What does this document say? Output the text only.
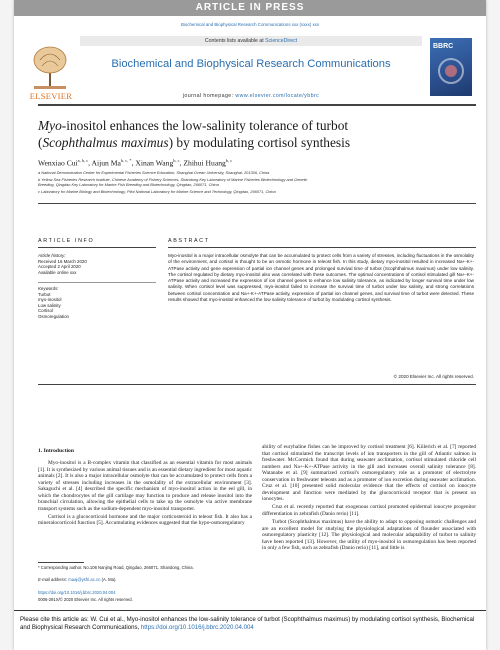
ARTICLE IN PRESS
Biochemical and Biophysical Research Communications xxx (xxxx) xxx
ELSEVIER
Contents lists available at ScienceDirect
Biochemical and Biophysical Research Communications
journal homepage: www.elsevier.com/locate/ybbrc
BBRC
Myo-inositol enhances the low-salinity tolerance of turbot
(Scophthalmus maximus) by modulating cortisol synthesis
Wenxiao Cui$^{a, b, c}$, Aijun $Ma^{b, c, *}$, Xinan Wang$^{b, c}$, Zhihui Huang$^{b, c}$
a National Demonstration Center for Experimental Fisheries Science Education, Shanghai Ocean University, Shanghai, 201306, China
b Yellow Sea Fisheries Research Institute, Chinese Academy of Fishery Sciences, Shandong Key Laboratory of Marine Fisheries Biotechnology and Genetic
Breeding, Qingdao Key Laboratory for Marine Fish Breeding and Biotechnology, Qingdao, 266071, China
c Laboratory for Marine Biology and Biotechnology, Pilot National Laboratory for Marine Science and Technology, Qingdao, 266071, China
ARTICLE INFO	ABSTRACT
Article history:
Received 16 March 2020
Accepted 2 April 2020
Available online xxx
Keywords:
Turbot
myo-inositol
Low salinity
Cortisol
Osmoregulation
Myo-inositol is a major intracellular osmolyte that can be accumulated to protect cells from a variety of stresses, including fluctuations in the osmolality of the environment, and cortisol is thought to be an osmotic hormone in teleost fish. In this study, dietary myo-inositol resulted in increased Na+-K+-ATPase activity and gene expression of partial ion channel genes and prolonged survival time of turbot (Scophthalmus maximus) under low salinity. The cortisol regulated by dietary myo-inositol also was correlated with these outcomes. The optimal concentrations of cortisol stimulated gill Na+-K+-ATPase activity and increased the expression of ion channel genes to enhance low salinity tolerance, as indicated by longer survival time under low salinity. When cortisol level was suppressed, myo-inositol failed to increase the survival time of turbot under low salinity, and strong correlations between cortisol concentration and Na+-K+-ATPase activity, expression of partial ion channel genes, and survival time of turbot were detected. These results showed that myo-inositol enhanced the low salinity tolerance of turbot by modulating cortisol synthesis.
© 2020 Elsevier Inc. All rights reserved.
1. Introduction

Myo-inositol is a B-complex vitamin that classified as an essential vitamin for most animals [1]. It is synthesized by various animal tissues and is an essential dietary ingredient for most aquatic animals [2]. It is also a major intracellular osmolyte that can be accumulated to protect cells from a variety of stresses including increases in the osmolality of the extracellular environment [3]. Sakaguchi et al. [4] described the specific mechanism of myo-inositol action in the eel gill, in which the chondrocytes of the gill cartilage may function to produce and release inositol into the branchial circulation, allowing the epithelial cells to take up the osmolyte via active membrane transport systems such as the sodium-dependent myo-inositol transporter.

Cortisol is a glucocorticoid hormone and the major corticosteroid in teleost fish. It also has a mineralocorticoid function [5]. Accumulating evidences suggested that the hypo-osmoregulatory

* Corresponding author. No.106 Nanjing Road, Qingdao, 266071, Shandong, China.
E-mail address: maaj@ysfri.ac.cn (A. Ma).
https://doi.org/10.1016/j.bbrc.2020.04.004
0006-291X/© 2020 Elsevier Inc. All rights reserved.

ability of euryhaline fishes can be improved by cortisol treatment [6]. Kiilerich et al. [7] reported that cortisol stimulated the transcript levels of ion transporters in the gill of Atlantic salmon in freshwater. McCormick found that during seawater acclimation, cortisol stimulated chloride cell numbers and Na+-K+-ATPase activity in the gill and increases overall salinity tolerance [8]. Watanabe et al. [9] summarized cortisol's osmoregulatory role as a promoter of electrolyte conservation in freshwater teleosts and as a promoter of ion excretion during seawater acclimation. Cruz et al. [10] presented solid molecular evidence that the effects of cortisol on ionocyte development and function were mediated by the glucocorticoid receptor that is present on ionocytes.

Cruz et al. recently reported that exogenous cortisol promoted epidermal ionocyte progenitor differentiation in zebrafish (Danio rerio) [11].

Turbot (Scophthalmus maximus) have the ability to adapt to opposing osmotic challenges and are an excellent model for studying the physiological adaptations of flounder associated with osmoregulatory plasticity [12]. The physiological and molecular adaptability of turbot to salinity have been reported [13]. However, the utility of myo-inositol in osmoregulation has been reported in only a few fish, such as zebrafish (Danio rerio) [11], and little is

Please cite this article as: W. Cui et al., Myo-inositol enhances the low-salinity tolerance of turbot (Scophthalmus maximus) by modulating cortisol synthesis, Biochemical and Biophysical Research Communications, https://doi.org/10.1016/j.bbrc.2020.04.004
